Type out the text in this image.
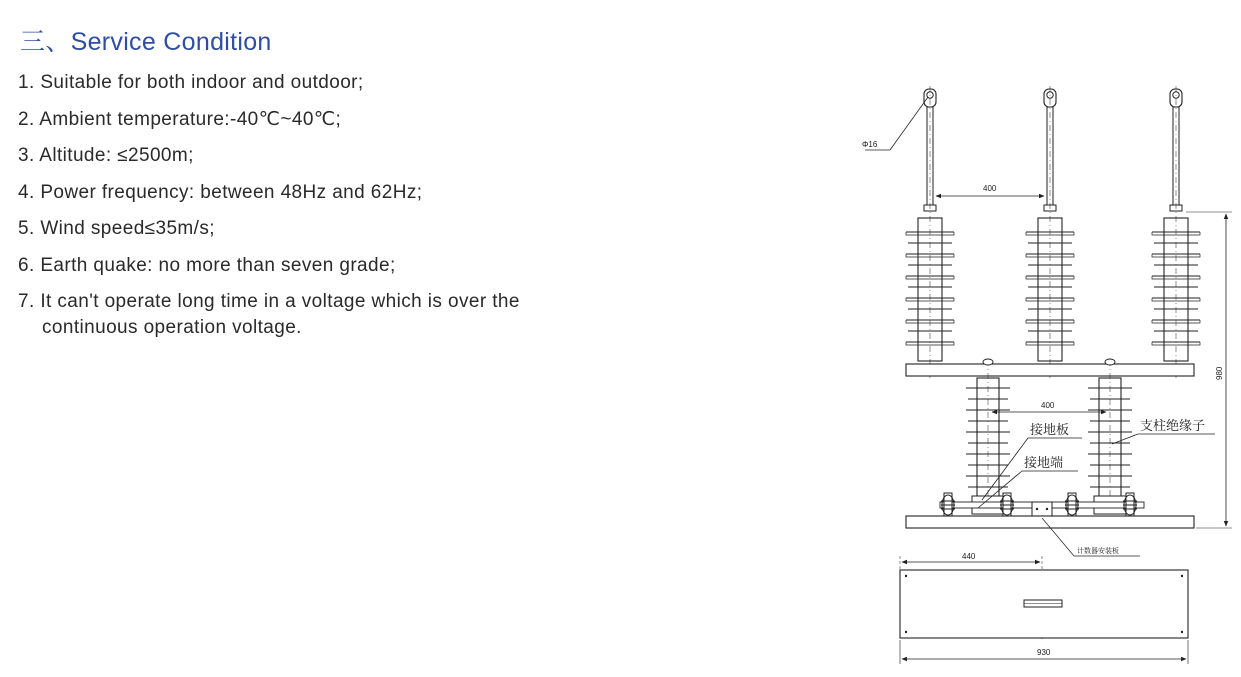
三、Service Condition
1. Suitable for both indoor and outdoor;
2. Ambient temperature:-40℃~40℃;
3. Altitude: ≤2500m;
4. Power frequency: between 48Hz and 62Hz;
5. Wind speed≤35m/s;
6. Earth quake: no more than seven grade;
7. It can't operate long time in a voltage which is over the
continuous operation voltage.
Φ16
400
400
接地板	支柱绝缘子
接地端
980
计数器安装板
440
930
